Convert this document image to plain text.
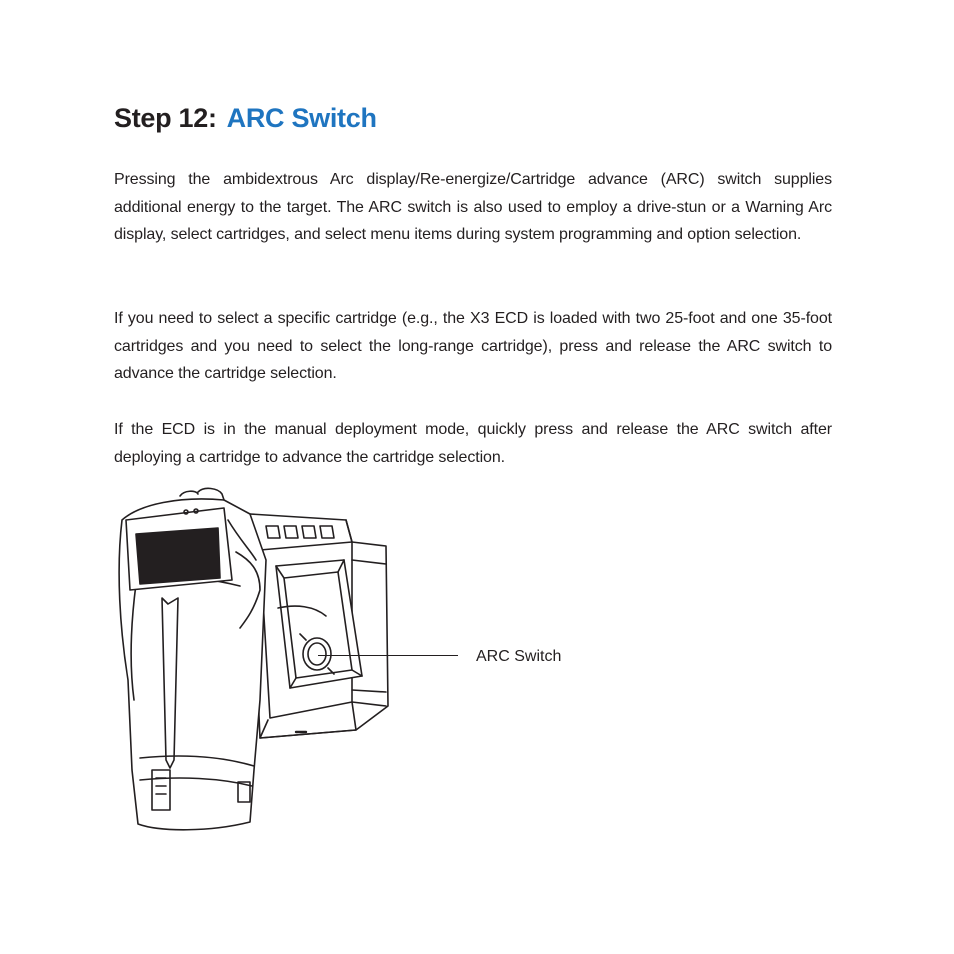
Step 12: ARC Switch

Pressing the ambidextrous Arc display/Re-energize/Cartridge advance (ARC) switch supplies additional energy to the target. The ARC switch is also used to employ a drive-stun or a Warning Arc display, select cartridges, and select menu items during system programming and option selection.

If you need to select a specific cartridge (e.g., the X3 ECD is loaded with two 25-foot and one 35-foot cartridges and you need to select the long-range cartridge), press and release the ARC switch to advance the cartridge selection.

If the ECD is in the manual deployment mode, quickly press and release the ARC switch after deploying a cartridge to advance the cartridge selection.

ARC Switch
